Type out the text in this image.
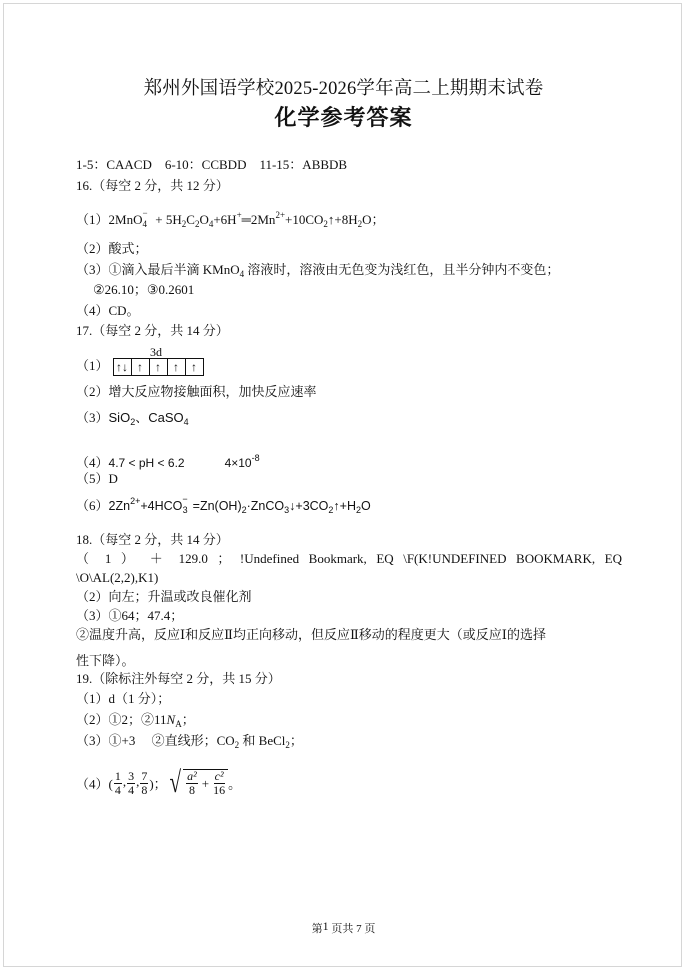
郑州外国语学校2025-2026学年高二上期期末试卷
化学参考答案
1-5：CAACD　6-10：CCBDD　11-15：ABBDB
16.（每空 2 分，共 12 分）
$(1)2MnO^-_4 + 5H_2C_2O_4+6H^+═2Mn^{2+}+10CO_2↑+8H_2O$；
（2）酸式；
（3）①滴入最后半滴 KMnO$_4$ 溶液时，溶液由无色变为浅红色，且半分钟内不变色；
②26.10；③0.2601
（4）CD。
17.（每空 2 分，共 14 分）
3d
（1） ↑↓ ↑	↑	↑	↑
（2）增大反应物接触面积，加快反应速率
（3）SiO$_2$、CaSO$_4$
（4）4.7 < pH < 6.2	$4\times 10^{-8}$
（5）D
$(6)2Zn^{2+}+4HCO^-_3$ $=Zn(OH)_2\cdot ZnCO_3↓+3CO_2↑+H_2O$
18.（每空 2 分，共 14 分）
（ 1 ） ＋ 129.0 ； !Undefined Bookmark, EQ \F(K!UNDEFINED BOOKMARK, EQ
\O\AL(2,2),K1)
（2）向左；升温或改良催化剂
（3）①64；47.4；
②温度升高，反应Ⅰ和反应Ⅱ均正向移动，但反应Ⅱ移动的程度更大（或反应Ⅰ的选择
性下降）。
19.（除标注外每空 2 分，共 15 分）
（1）d（1 分）；
（2）①2；$②11N_A$；
（3）①+3　 ②直线形；$CO_2$ 和 BeCl$_2$；
$(4)( \frac{1}{4}$ , $\frac{3}{4}$ , $\frac{7}{8}$ )； √ $\frac{\text{a²}}{8} + \frac{\text{c²}}{16}$ 。
第1 页共 7 页
